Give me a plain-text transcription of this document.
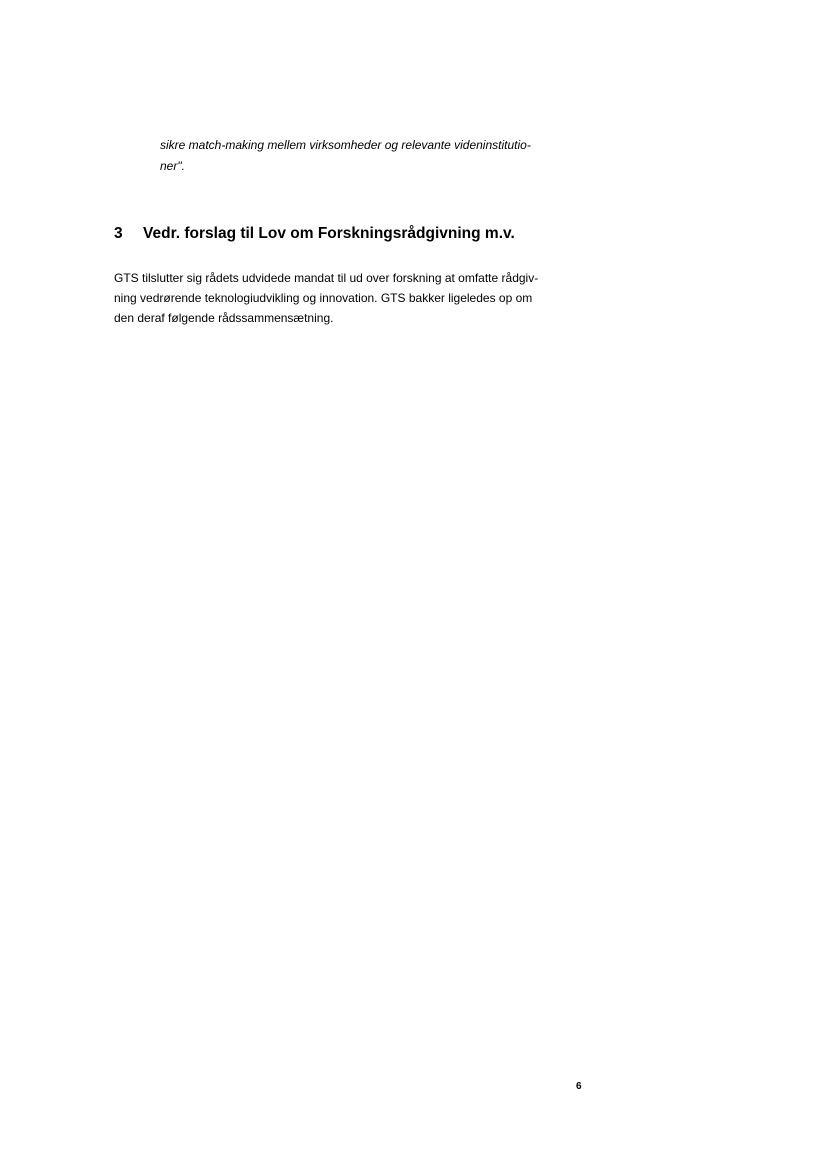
sikre match-making mellem virksomheder og relevante videninstitutio-
ner".

3 Vedr. forslag til Lov om Forskningsrådgivning m.v.

GTS tilslutter sig rådets udvidede mandat til ud over forskning at omfatte rådgiv-
ning vedrørende teknologiudvikling og innovation. GTS bakker ligeledes op om
den deraf følgende rådssammensætning.

6
